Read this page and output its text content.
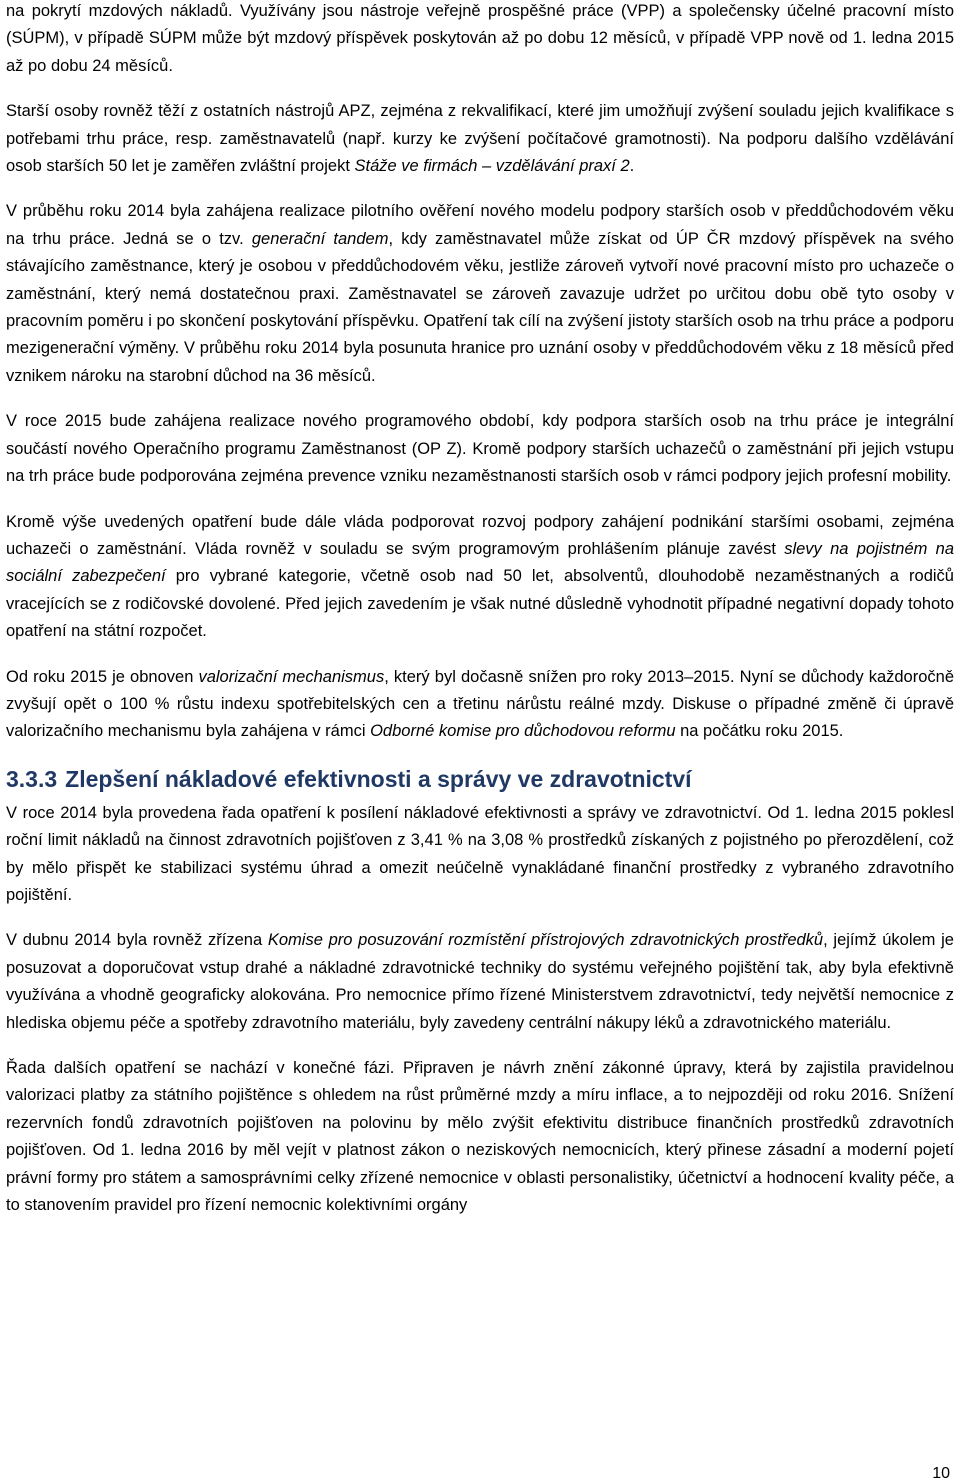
na pokrytí mzdových nákladů. Využívány jsou nástroje veřejně prospěšné práce (VPP) a společensky účelné pracovní místo (SÚPM), v případě SÚPM může být mzdový příspěvek poskytován až po dobu 12 měsíců, v případě VPP nově od 1. ledna 2015 až po dobu 24 měsíců.

Starší osoby rovněž těží z ostatních nástrojů APZ, zejména z rekvalifikací, které jim umožňují zvýšení souladu jejich kvalifikace s potřebami trhu práce, resp. zaměstnavatelů (např. kurzy ke zvýšení počítačové gramotnosti). Na podporu dalšího vzdělávání osob starších 50 let je zaměřen zvláštní projekt Stáže ve firmách – vzdělávání praxí 2.

V průběhu roku 2014 byla zahájena realizace pilotního ověření nového modelu podpory starších osob v předdůchodovém věku na trhu práce. Jedná se o tzv. generační tandem, kdy zaměstnavatel může získat od ÚP ČR mzdový příspěvek na svého stávajícího zaměstnance, který je osobou v předdůchodovém věku, jestliže zároveň vytvoří nové pracovní místo pro uchazeče o zaměstnání, který nemá dostatečnou praxi. Zaměstnavatel se zároveň zavazuje udržet po určitou dobu obě tyto osoby v pracovním poměru i po skončení poskytování příspěvku. Opatření tak cílí na zvýšení jistoty starších osob na trhu práce a podporu mezigenerační výměny. V průběhu roku 2014 byla posunuta hranice pro uznání osoby v předdůchodovém věku z 18 měsíců před vznikem nároku na starobní důchod na 36 měsíců.

V roce 2015 bude zahájena realizace nového programového období, kdy podpora starších osob na trhu práce je integrální součástí nového Operačního programu Zaměstnanost (OP Z). Kromě podpory starších uchazečů o zaměstnání při jejich vstupu na trh práce bude podporována zejména prevence vzniku nezaměstnanosti starších osob v rámci podpory jejich profesní mobility.

Kromě výše uvedených opatření bude dále vláda podporovat rozvoj podpory zahájení podnikání staršími osobami, zejména uchazeči o zaměstnání. Vláda rovněž v souladu se svým programovým prohlášením plánuje zavést slevy na pojistném na sociální zabezpečení pro vybrané kategorie, včetně osob nad 50 let, absolventů, dlouhodobě nezaměstnaných a rodičů vracejících se z rodičovské dovolené. Před jejich zavedením je však nutné důsledně vyhodnotit případné negativní dopady tohoto opatření na státní rozpočet.

Od roku 2015 je obnoven valorizační mechanismus, který byl dočasně snížen pro roky 2013–2015. Nyní se důchody každoročně zvyšují opět o 100 % růstu indexu spotřebitelských cen a třetinu nárůstu reálné mzdy. Diskuse o případné změně či úpravě valorizačního mechanismu byla zahájena v rámci Odborné komise pro důchodovou reformu na počátku roku 2015.

3.3.3 Zlepšení nákladové efektivnosti a správy ve zdravotnictví

V roce 2014 byla provedena řada opatření k posílení nákladové efektivnosti a správy ve zdravotnictví. Od 1. ledna 2015 poklesl roční limit nákladů na činnost zdravotních pojišťoven z 3,41 % na 3,08 % prostředků získaných z pojistného po přerozdělení, což by mělo přispět ke stabilizaci systému úhrad a omezit neúčelně vynakládané finanční prostředky z vybraného zdravotního pojištění.

V dubnu 2014 byla rovněž zřízena Komise pro posuzování rozmístění přístrojových zdravotnických prostředků, jejímž úkolem je posuzovat a doporučovat vstup drahé a nákladné zdravotnické techniky do systému veřejného pojištění tak, aby byla efektivně využívána a vhodně geograficky alokována. Pro nemocnice přímo řízené Ministerstvem zdravotnictví, tedy největší nemocnice z hlediska objemu péče a spotřeby zdravotního materiálu, byly zavedeny centrální nákupy léků a zdravotnického materiálu.

Řada dalších opatření se nachází v konečné fázi. Připraven je návrh znění zákonné úpravy, která by zajistila pravidelnou valorizaci platby za státního pojištěnce s ohledem na růst průměrné mzdy a míru inflace, a to nejpozději od roku 2016. Snížení rezervních fondů zdravotních pojišťoven na polovinu by mělo zvýšit efektivitu distribuce finančních prostředků zdravotních pojišťoven. Od 1. ledna 2016 by měl vejít v platnost zákon o neziskových nemocnicích, který přinese zásadní a moderní pojetí právní formy pro státem a samosprávními celky zřízené nemocnice v oblasti personalistiky, účetnictví a hodnocení kvality péče, a to stanovením pravidel pro řízení nemocnic kolektivními orgány

10
